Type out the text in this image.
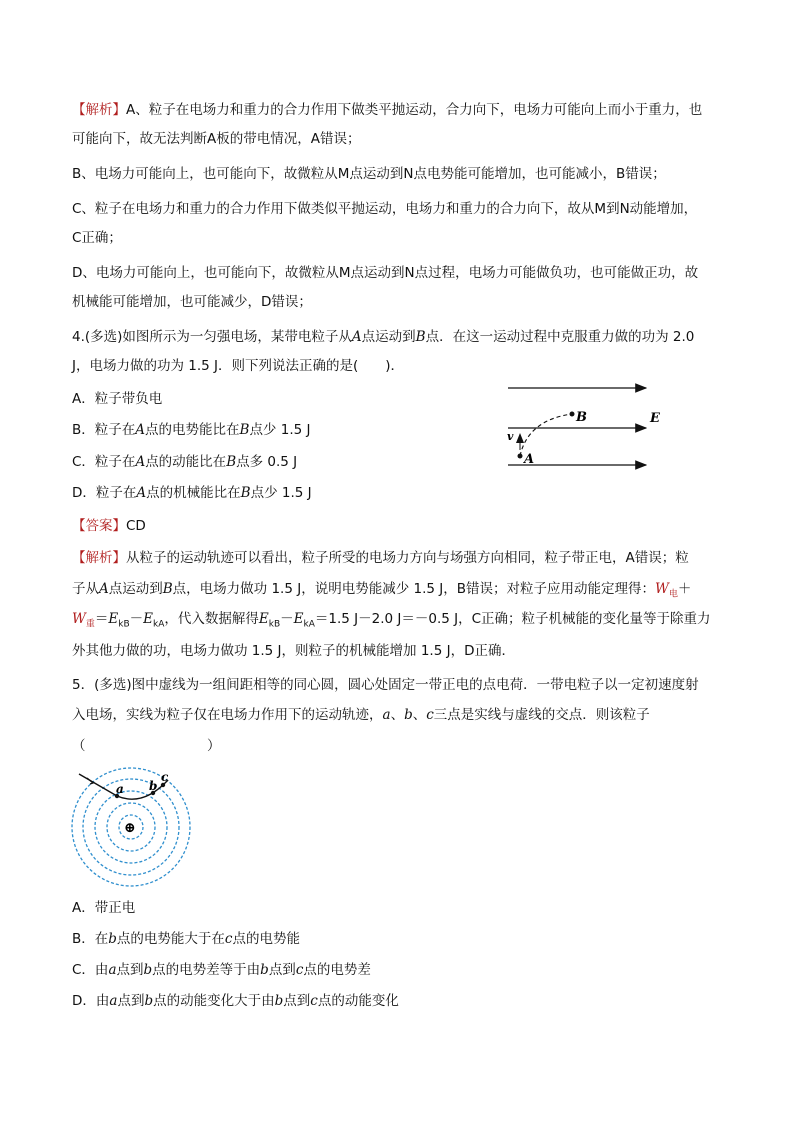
【解析】A、粒子在电场力和重力的合力作用下做类平抛运动，合力向下，电场力可能向上而小于重力，也
可能向下，故无法判断A板的带电情况，A错误；
B、电场力可能向上，也可能向下，故微粒从M点运动到N点电势能可能增加，也可能减小，B错误；
C、粒子在电场力和重力的合力作用下做类似平抛运动，电场力和重力的合力向下，故从M到N动能增加，
C正确；
D、电场力可能向上，也可能向下，故微粒从M点运动到N点过程，电场力可能做负功，也可能做正功，故
机械能可能增加，也可能减少，D错误；
4.(多选)如图所示为一匀强电场，某带电粒子从A点运动到B点．在这一运动过程中克服重力做的功为 2.0
J，电场力做的功为 1.5 J．则下列说法正确的是(　　)．
A．粒子带负电
B．粒子在A点的电势能比在B点少 1.5 J
C．粒子在A点的动能比在B点多 0.5 J
D．粒子在A点的机械能比在B点少 1.5 J
B	E
v
A
【答案】CD
【解析】从粒子的运动轨迹可以看出，粒子所受的电场力方向与场强方向相同，粒子带正电，A错误；粒
子从A点运动到B点，电场力做功 1.5 J，说明电势能减少 1.5 J，B错误；对粒子应用动能定理得：$W_电+$
$W_重=E_{kB}-E_{kA}$，代入数据解得$E_{kB}-E_{kA}=1.5$ J－2.0 J＝－0.5 J，C正确；粒子机械能的变化量等于除重力
外其他力做的功，电场力做功 1.5 J，则粒子的机械能增加 1.5 J，D正确．
5．(多选)图中虚线为一组间距相等的同心圆，圆心处固定一带正电的点电荷．一带电粒子以一定初速度射
入电场，实线为粒子仅在电场力作用下的运动轨迹，a、b、c三点是实线与虚线的交点．则该粒子
（　　　　　　　　　）
a b
c
⊕
A．带正电
B．在b点的电势能大于在c点的电势能
C．由a点到b点的电势差等于由b点到c点的电势差
D．由a点到b点的动能变化大于由b点到c点的动能变化
